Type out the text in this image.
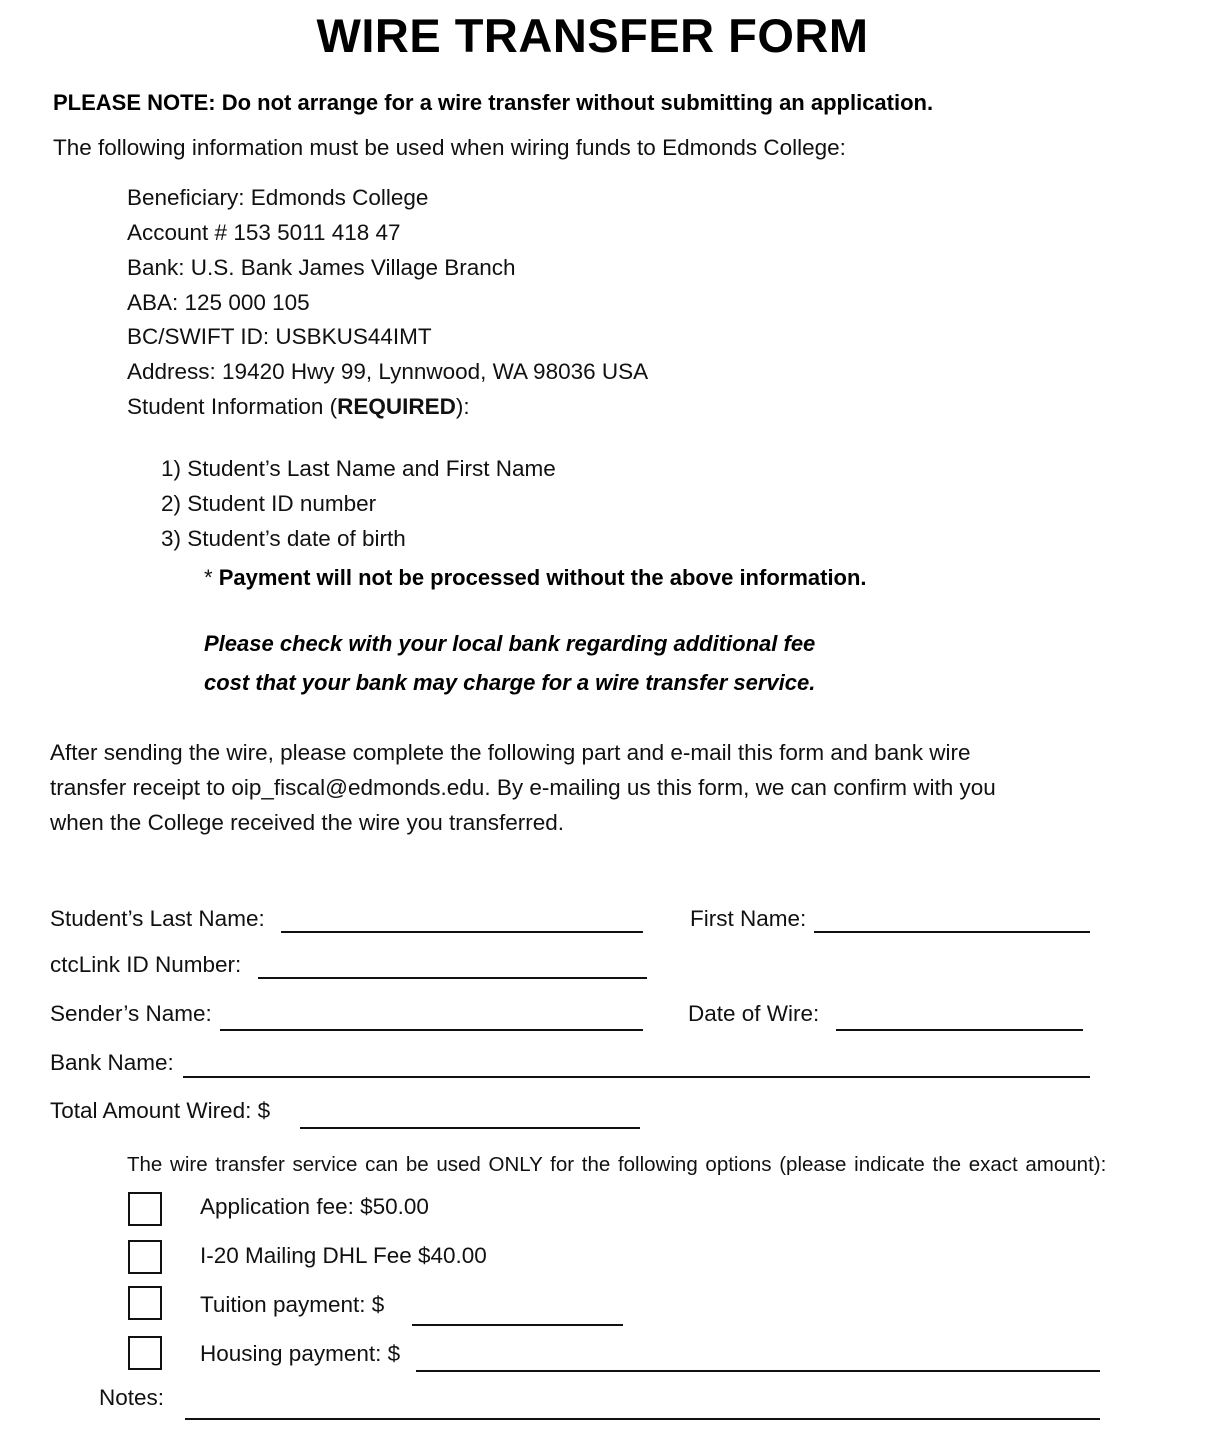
WIRE TRANSFER FORM
PLEASE NOTE: Do not arrange for a wire transfer without submitting an application.
The following information must be used when wiring funds to Edmonds College:
Beneficiary: Edmonds College
Account # 153 5011 418 47
Bank: U.S. Bank James Village Branch
ABA: 125 000 105
BC/SWIFT ID: USBKUS44IMT
Address: 19420 Hwy 99, Lynnwood, WA 98036 USA
Student Information (REQUIRED):
1) Student’s Last Name and First Name
2) Student ID number
3) Student’s date of birth
* Payment will not be processed without the above information.
Please check with your local bank regarding additional fee
cost that your bank may charge for a wire transfer service.
After sending the wire, please complete the following part and e-mail this form and bank wire
transfer receipt to oip_fiscal@edmonds.edu. By e-mailing us this form, we can confirm with you
when the College received the wire you transferred.
Student’s Last Name:	First Name:
ctcLink ID Number:
Sender’s Name:	Date of Wire:
Bank Name:
Total Amount Wired: $
The wire transfer service can be used ONLY for the following options (please indicate the exact amount):
Application fee: $50.00
I-20 Mailing DHL Fee $40.00
Tuition payment: $
Housing payment: $
Notes:
